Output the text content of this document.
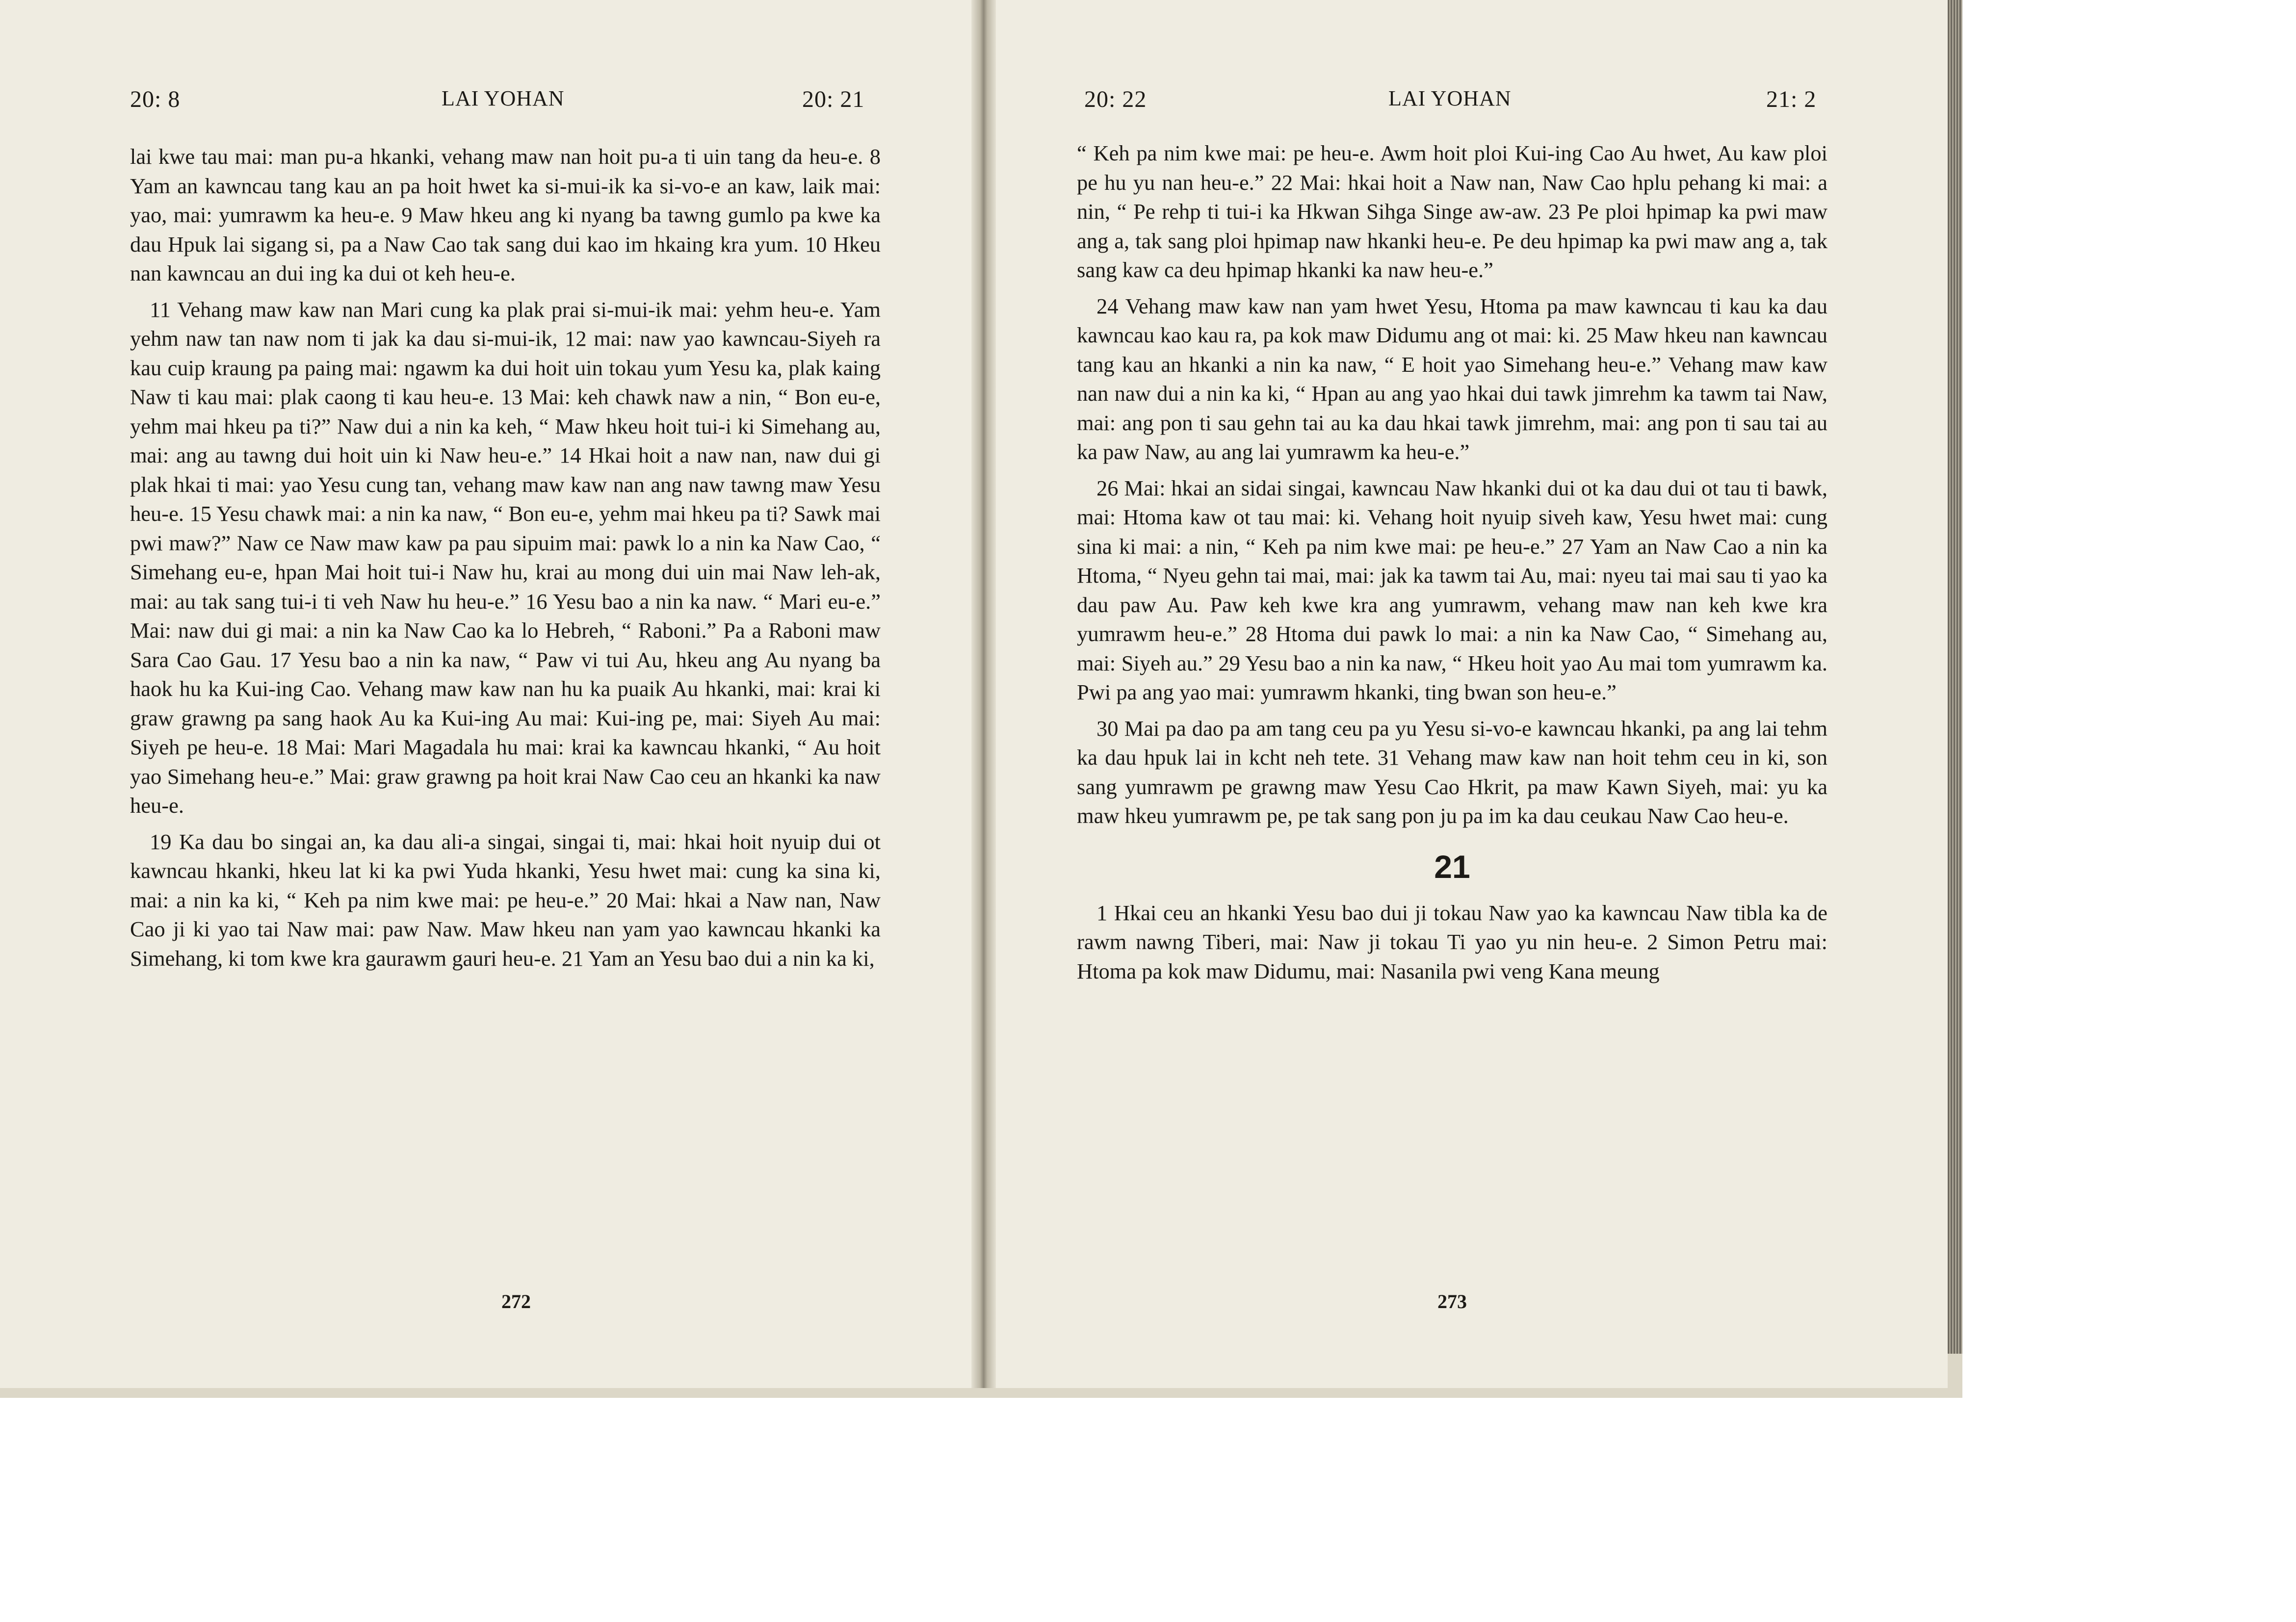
20: 8	LAI YOHAN	20: 21

lai kwe tau mai: man pu-a hkanki, vehang maw nan hoit pu-a ti uin tang da heu-e. 8 Yam an kawncau tang kau an pa hoit hwet ka si-mui-ik ka si-vo-e an kaw, laik mai: yao, mai: yumrawm ka heu-e. 9 Maw hkeu ang ki nyang ba tawng gumlo pa kwe ka dau Hpuk lai sigang si, pa a Naw Cao tak sang dui kao im hkaing kra yum. 10 Hkeu nan kawncau an dui ing ka dui ot keh heu-e.

11 Vehang maw kaw nan Mari cung ka plak prai si-mui-ik mai: yehm heu-e. Yam yehm naw tan naw nom ti jak ka dau si-mui-ik, 12 mai: naw yao kawncau-Siyeh ra kau cuip kraung pa paing mai: ngawm ka dui hoit uin tokau yum Yesu ka, plak kaing Naw ti kau mai: plak caong ti kau heu-e. 13 Mai: keh chawk naw a nin, “ Bon eu-e, yehm mai hkeu pa ti?” Naw dui a nin ka keh, “ Maw hkeu hoit tui-i ki Simehang au, mai: ang au tawng dui hoit uin ki Naw heu-e.” 14 Hkai hoit a naw nan, naw dui gi plak hkai ti mai: yao Yesu cung tan, vehang maw kaw nan ang naw tawng maw Yesu heu-e. 15 Yesu chawk mai: a nin ka naw, “ Bon eu-e, yehm mai hkeu pa ti? Sawk mai pwi maw?” Naw ce Naw maw kaw pa pau sipuim mai: pawk lo a nin ka Naw Cao, “ Simehang eu-e, hpan Mai hoit tui-i Naw hu, krai au mong dui uin mai Naw leh-ak, mai: au tak sang tui-i ti veh Naw hu heu-e.” 16 Yesu bao a nin ka naw. “ Mari eu-e.” Mai: naw dui gi mai: a nin ka Naw Cao ka lo Hebreh, “ Raboni.” Pa a Raboni maw Sara Cao Gau. 17 Yesu bao a nin ka naw, “ Paw vi tui Au, hkeu ang Au nyang ba haok hu ka Kui-ing Cao. Vehang maw kaw nan hu ka puaik Au hkanki, mai: krai ki graw grawng pa sang haok Au ka Kui-ing Au mai: Kui-ing pe, mai: Siyeh Au mai: Siyeh pe heu-e. 18 Mai: Mari Magadala hu mai: krai ka kawncau hkanki, “ Au hoit yao Simehang heu-e.” Mai: graw grawng pa hoit krai Naw Cao ceu an hkanki ka naw heu-e.

19 Ka dau bo singai an, ka dau ali-a singai, singai ti, mai: hkai hoit nyuip dui ot kawncau hkanki, hkeu lat ki ka pwi Yuda hkanki, Yesu hwet mai: cung ka sina ki, mai: a nin ka ki, “ Keh pa nim kwe mai: pe heu-e.” 20 Mai: hkai a Naw nan, Naw Cao ji ki yao tai Naw mai: paw Naw. Maw hkeu nan yam yao kawncau hkanki ka Simehang, ki tom kwe kra gaurawm gauri heu-e. 21 Yam an Yesu bao dui a nin ka ki,

272
20: 22	LAI YOHAN	21: 2
273

“ Keh pa nim kwe mai: pe heu-e. Awm hoit ploi Kui-ing Cao Au hwet, Au kaw ploi pe hu yu nan heu-e.” 22 Mai: hkai hoit a Naw nan, Naw Cao hplu pehang ki mai: a nin, “ Pe rehp ti tui-i ka Hkwan Sihga Singe aw-aw. 23 Pe ploi hpimap ka pwi maw ang a, tak sang ploi hpimap naw hkanki heu-e. Pe deu hpimap ka pwi maw ang a, tak sang kaw ca deu hpimap hkanki ka naw heu-e.”

24 Vehang maw kaw nan yam hwet Yesu, Htoma pa maw kawncau ti kau ka dau kawncau kao kau ra, pa kok maw Didumu ang ot mai: ki. 25 Maw hkeu nan kawncau tang kau an hkanki a nin ka naw, “ E hoit yao Simehang heu-e.” Vehang maw kaw nan naw dui a nin ka ki, “ Hpan au ang yao hkai dui tawk jimrehm ka tawm tai Naw, mai: ang pon ti sau gehn tai au ka dau hkai tawk jimrehm, mai: ang pon ti sau tai au ka paw Naw, au ang lai yumrawm ka heu-e.”

26 Mai: hkai an sidai singai, kawncau Naw hkanki dui ot ka dau dui ot tau ti bawk, mai: Htoma kaw ot tau mai: ki. Vehang hoit nyuip siveh kaw, Yesu hwet mai: cung sina ki mai: a nin, “ Keh pa nim kwe mai: pe heu-e.” 27 Yam an Naw Cao a nin ka Htoma, “ Nyeu gehn tai mai, mai: jak ka tawm tai Au, mai: nyeu tai mai sau ti yao ka dau paw Au. Paw keh kwe kra ang yumrawm, vehang maw nan keh kwe kra yumrawm heu-e.” 28 Htoma dui pawk lo mai: a nin ka Naw Cao, “ Simehang au, mai: Siyeh au.” 29 Yesu bao a nin ka naw, “ Hkeu hoit yao Au mai tom yumrawm ka. Pwi pa ang yao mai: yumrawm hkanki, ting bwan son heu-e.”

30 Mai pa dao pa am tang ceu pa yu Yesu si-vo-e kawncau hkanki, pa ang lai tehm ka dau hpuk lai in kcht neh tete. 31 Vehang maw kaw nan hoit tehm ceu in ki, son sang yumrawm pe grawng maw Yesu Cao Hkrit, pa maw Kawn Siyeh, mai: yu ka maw hkeu yumrawm pe, pe tak sang pon ju pa im ka dau ceukau Naw Cao heu-e.

21

1 Hkai ceu an hkanki Yesu bao dui ji tokau Naw yao ka kawncau Naw tibla ka de rawm nawng Tiberi, mai: Naw ji tokau Ti yao yu nin heu-e. 2 Simon Petru mai: Htoma pa kok maw Didumu, mai: Nasanila pwi veng Kana meung
